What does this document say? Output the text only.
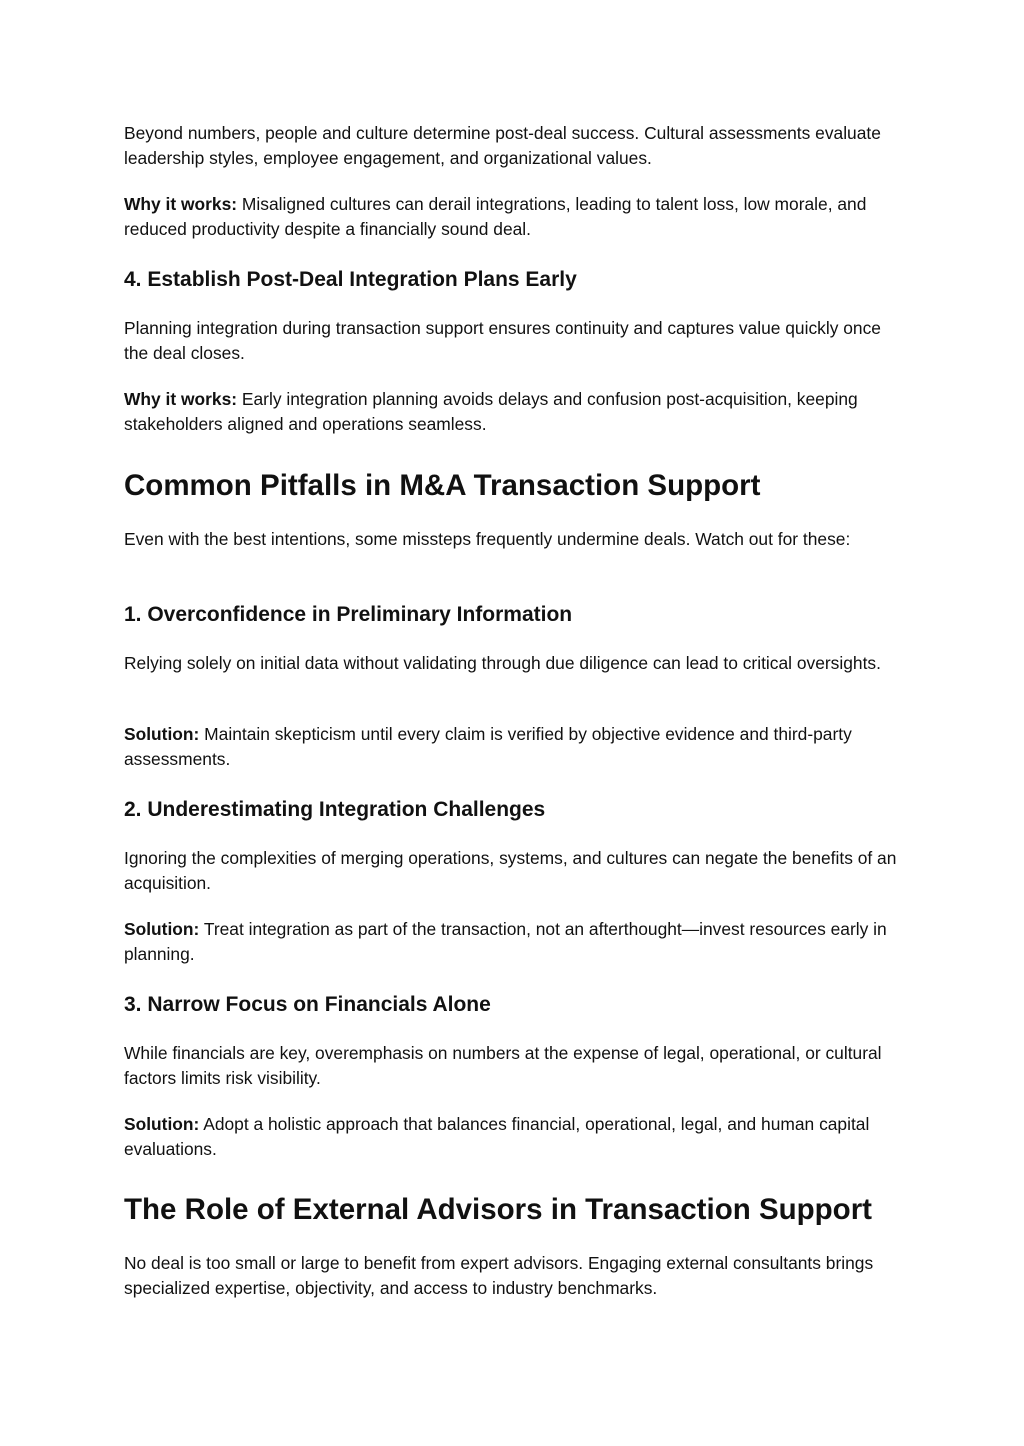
Beyond numbers, people and culture determine post-deal success. Cultural assessments evaluate leadership styles, employee engagement, and organizational values.

Why it works: Misaligned cultures can derail integrations, leading to talent loss, low morale, and reduced productivity despite a financially sound deal.

4. Establish Post-Deal Integration Plans Early

Planning integration during transaction support ensures continuity and captures value quickly once the deal closes.

Why it works: Early integration planning avoids delays and confusion post-acquisition, keeping stakeholders aligned and operations seamless.

Common Pitfalls in M&A Transaction Support

Even with the best intentions, some missteps frequently undermine deals. Watch out for these:

1. Overconfidence in Preliminary Information

Relying solely on initial data without validating through due diligence can lead to critical oversights.

Solution: Maintain skepticism until every claim is verified by objective evidence and third-party assessments.

2. Underestimating Integration Challenges

Ignoring the complexities of merging operations, systems, and cultures can negate the benefits of an acquisition.

Solution: Treat integration as part of the transaction, not an afterthought—invest resources early in planning.

3. Narrow Focus on Financials Alone

While financials are key, overemphasis on numbers at the expense of legal, operational, or cultural factors limits risk visibility.

Solution: Adopt a holistic approach that balances financial, operational, legal, and human capital evaluations.

The Role of External Advisors in Transaction Support

No deal is too small or large to benefit from expert advisors. Engaging external consultants brings specialized expertise, objectivity, and access to industry benchmarks.
